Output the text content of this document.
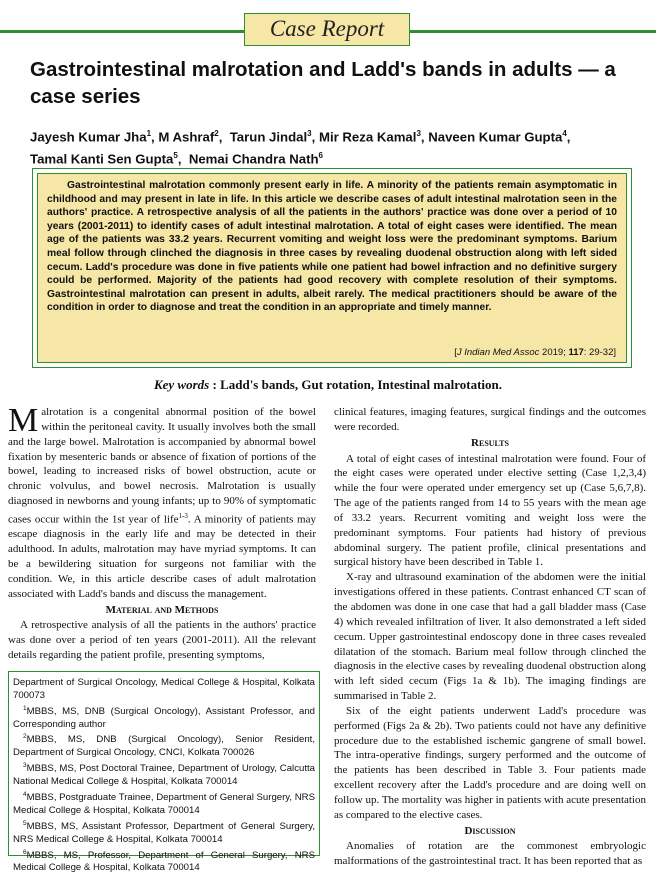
Case Report
Gastrointestinal malrotation and Ladd's bands in adults — a case series
Jayesh Kumar Jha$^1$, M Ashraf$^2$,  Tarun Jindal$^3$, Mir Reza Kamal$^3$, Naveen Kumar Gupta$^4$,
Tamal Kanti Sen Gupta$^5$,  Nemai Chandra Nath$^6$

Gastrointestinal malrotation commonly present early in life. A minority of the patients remain asymptomatic in childhood and may present in late in life. In this article we describe cases of adult intestinal malrotation seen in the authors' practice. A retrospective analysis of all the patients in the authors' practice was done over a period of 10 years (2001-2011) to identify cases of adult intestinal malrotation. A total of eight cases were identified. The mean age of the patients was 33.2 years. Recurrent vomiting and weight loss were the predominant symptoms. Barium meal follow through clinched the diagnosis in three cases by revealing duodenal obstruction along with left sided cecum. Ladd's procedure was done in five patients while one patient had bowel infraction and no definitive surgery could be performed. Majority of the patients had good recovery with complete resolution of their symptoms. Gastrointestinal malrotation can present in adults, albeit rarely. The medical practitioners should be aware of the condition in order to diagnose and treat the condition in an appropriate and timely manner.

[J Indian Med Assoc 2019; 117: 29-32]
Key words : Ladd's bands, Gut rotation, Intestinal malrotation.

Malrotation is a congenital abnormal position of the bowel within the peritoneal cavity. It usually involves both the small and the large bowel. Malrotation is accompanied by abnormal bowel fixation by mesenteric bands or absence of fixation of portions of the bowel, leading to increased risks of bowel obstruction, acute or chronic volvulus, and bowel necrosis. Malrotation is usually diagnosed in newborns and young infants; up to 90% of symptomatic cases occur within the 1st year of life$^{1-3}$. A minority of patients may escape diagnosis in the early life and may be detected in their adulthood. In adults, malrotation may have myriad symptoms. It can be a bewildering situation for surgeons not familiar with the condition. We, in this article describe cases of adult malrotation associated with Ladd's bands and discuss the management.

Material and Methods

A retrospective analysis of all the patients in the authors' practice was done over a period of ten years (2001-2011). All the relevant details regarding the patient profile, presenting symptoms,

Department of Surgical Oncology, Medical College & Hospital, Kolkata 700073

$^1$MBBS, MS, DNB (Surgical Oncology), Assistant Professor, and Corresponding author

$^2$MBBS, MS, DNB (Surgical Oncology), Senior Resident, Department of Surgical Oncology, CNCI, Kolkata 700026

$^3$MBBS, MS, Post Doctoral Trainee, Department of Urology, Calcutta National Medical College & Hospital, Kolkata 700014

$^4$MBBS, Postgraduate Trainee, Department of General Surgery, NRS Medical College & Hospital, Kolkata 700014

$^5$MBBS, MS, Assistant Professor, Department of General Surgery, NRS Medical College & Hospital, Kolkata 700014

$^6$MBBS, MS, Professor, Department of General Surgery, NRS Medical College & Hospital, Kolkata 700014

clinical features, imaging features, surgical findings and the outcomes were recorded.

Results

A total of eight cases of intestinal malrotation were found. Four of the eight cases were operated under elective setting (Case 1,2,3,4) while the four were operated under emergency set up (Case 5,6,7,8). The age of the patients ranged from 14 to 55 years with the mean age of 33.2 years. Recurrent vomiting and weight loss were the predominant symptoms. Four patients had history of previous abdominal surgery. The patient profile, clinical presentations and surgical history have been described in Table 1.

X-ray and ultrasound examination of the abdomen were the initial investigations offered in these patients. Contrast enhanced CT scan of the abdomen was done in one case that had a gall bladder mass (Case 4) which revealed infiltration of liver. It also demonstrated a left sided cecum. Upper gastrointestinal endoscopy done in three cases revealed dilatation of the stomach. Barium meal follow through clinched the diagnosis in the elective cases by revealing duodenal obstruction along with left sided cecum (Figs 1a & 1b). The imaging findings are summarised in Table 2.

Six of the eight patients underwent Ladd's procedure was performed (Figs 2a & 2b). Two patients could not have any definitive procedure due to the established ischemic gangrene of small bowel. The intra-operative findings, surgery performed and the outcome of the patients has been described in Table 3. Four patients made excellent recovery after the Ladd's procedure and are doing well on follow up. The mortality was higher in patients with acute presentation as compared to the elective cases.

Discussion

Anomalies of rotation are the commonest embryologic malformations of the gastrointestinal tract. It has been reported that as
